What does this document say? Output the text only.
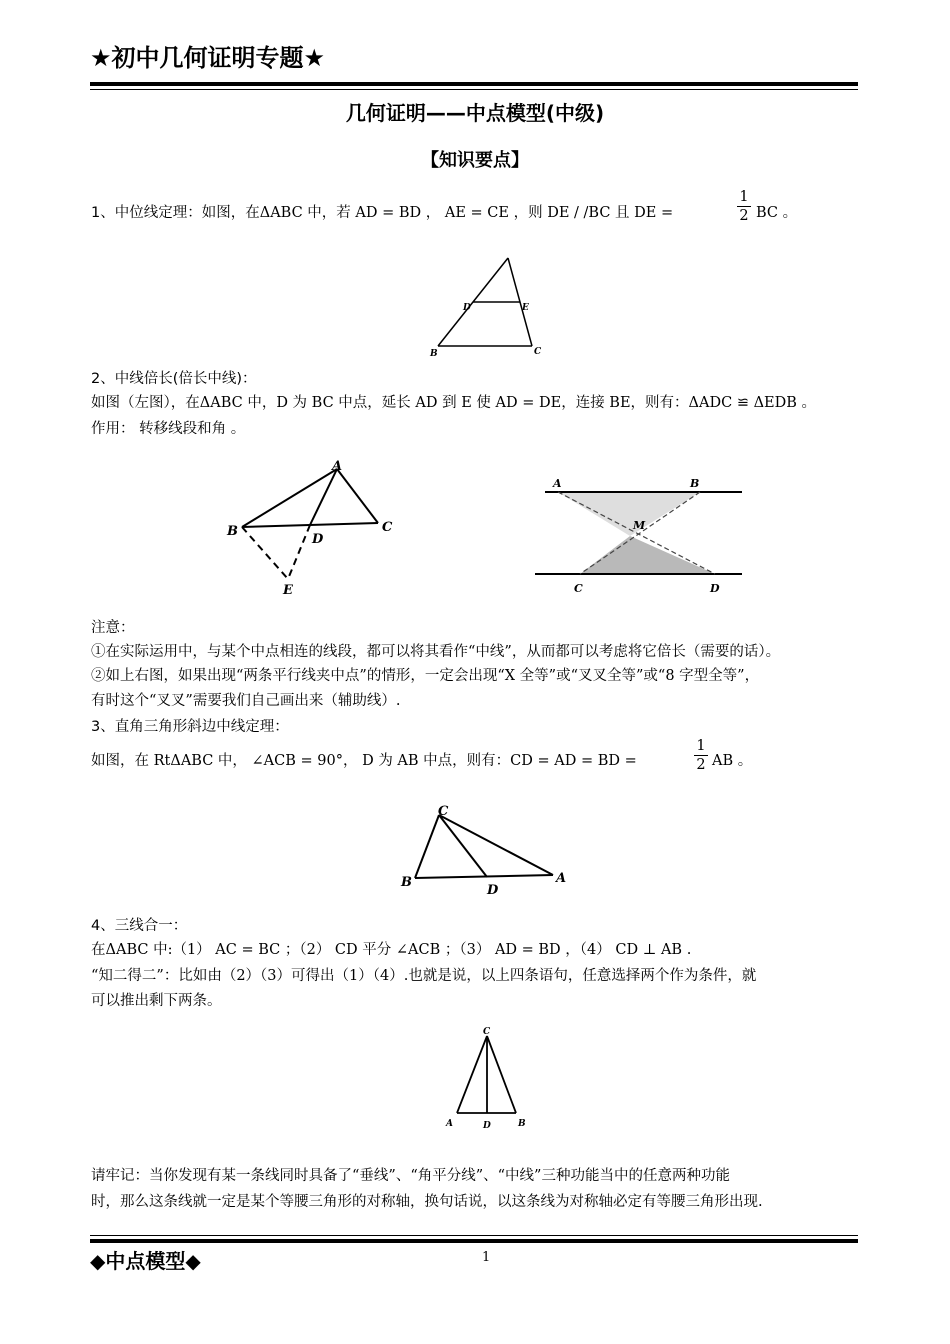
★初中几何证明专题★
几何证明——中点模型(中级)
【知识要点】
1、中位线定理：如图，在ΔABC 中，若 AD = BD ， AE = CE ，则 DE / /BC 且 DE =
1
2 BC 。
D	E
B	C
2、中线倍长(倍长中线)：
如图（左图），在ΔABC 中，D 为 BC 中点，延长 AD 到 E 使 AD = DE，连接 BE，则有：ΔADC ≌ ΔEDB 。
作用： 转移线段和角 。
A
B	C
D
E
A	B
M
C	D
注意：
①在实际运用中，与某个中点相连的线段，都可以将其看作“中线”，从而都可以考虑将它倍长（需要的话）。
②如上右图，如果出现“两条平行线夹中点”的情形，一定会出现“X 全等”或“叉叉全等”或“8 字型全等”，
有时这个“叉叉”需要我们自己画出来（辅助线）.
3、直角三角形斜边中线定理：
如图，在 RtΔABC 中， ∠ACB = 90°， D 为 AB 中点，则有：CD = AD = BD =
1
2 AB 。
C
B
D
A
4、三线合一：
在ΔABC 中:（1） AC = BC ；（2） CD 平分 ∠ACB ；（3） AD = BD ，（4） CD ⊥ AB .
“知二得二”：比如由（2）（3）可得出（1）（4）.也就是说，以上四条语句，任意选择两个作为条件，就
可以推出剩下两条。
C
A	D	B
请牢记：当你发现有某一条线同时具备了“垂线”、“角平分线”、“中线”三种功能当中的任意两种功能
时，那么这条线就一定是某个等腰三角形的对称轴，换句话说，以这条线为对称轴必定有等腰三角形出现.
◆中点模型◆	1
